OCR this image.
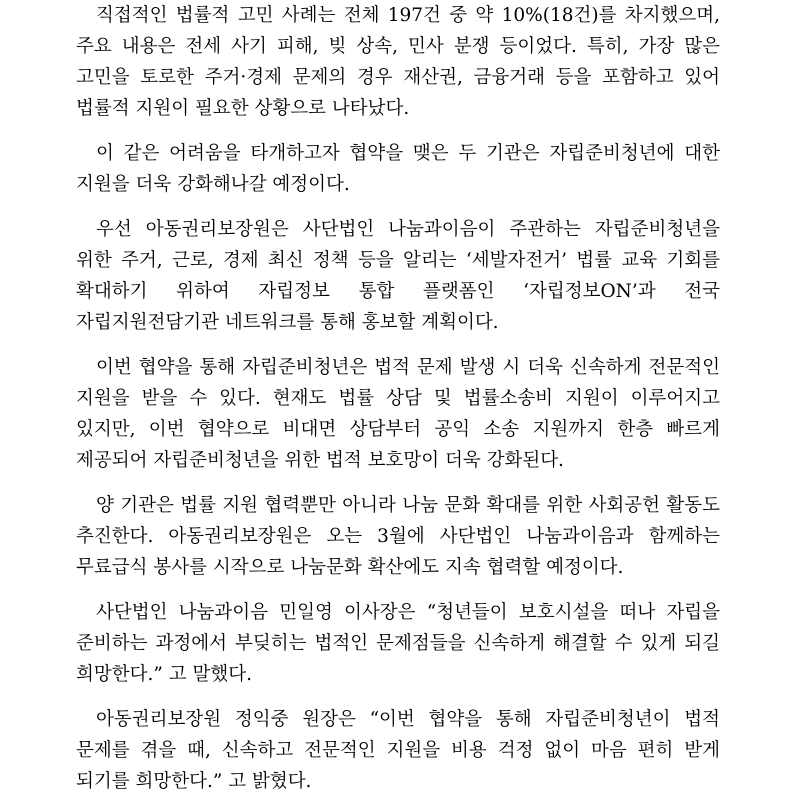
직접적인 법률적 고민 사례는 전체 197건 중 약 10%(18건)를 차지했으며, 주요 내용은 전세 사기 피해, 빚 상속, 민사 분쟁 등이었다. 특히, 가장 많은 고민을 토로한 주거·경제 문제의 경우 재산권, 금융거래 등을 포함하고 있어 법률적 지원이 필요한 상황으로 나타났다.

이 같은 어려움을 타개하고자 협약을 맺은 두 기관은 자립준비청년에 대한 지원을 더욱 강화해나갈 예정이다.

우선 아동권리보장원은 사단법인 나눔과이음이 주관하는 자립준비청년을 위한 주거, 근로, 경제 최신 정책 등을 알리는 ‘세발자전거’ 법률 교육 기회를 확대하기 위하여 자립정보 통합 플랫폼인 ‘자립정보ON’과 전국 자립지원전담기관 네트워크를 통해 홍보할 계획이다.

이번 협약을 통해 자립준비청년은 법적 문제 발생 시 더욱 신속하게 전문적인 지원을 받을 수 있다. 현재도 법률 상담 및 법률소송비 지원이 이루어지고 있지만, 이번 협약으로 비대면 상담부터 공익 소송 지원까지 한층 빠르게 제공되어 자립준비청년을 위한 법적 보호망이 더욱 강화된다.

양 기관은 법률 지원 협력뿐만 아니라 나눔 문화 확대를 위한 사회공헌 활동도 추진한다. 아동권리보장원은 오는 3월에 사단법인 나눔과이음과 함께하는 무료급식 봉사를 시작으로 나눔문화 확산에도 지속 협력할 예정이다.

사단법인 나눔과이음 민일영 이사장은 “청년들이 보호시설을 떠나 자립을 준비하는 과정에서 부딪히는 법적인 문제점들을 신속하게 해결할 수 있게 되길 희망한다.” 고 말했다.

아동권리보장원 정익중 원장은 “이번 협약을 통해 자립준비청년이 법적 문제를 겪을 때, 신속하고 전문적인 지원을 비용 걱정 없이 마음 편히 받게 되기를 희망한다.” 고 밝혔다.
